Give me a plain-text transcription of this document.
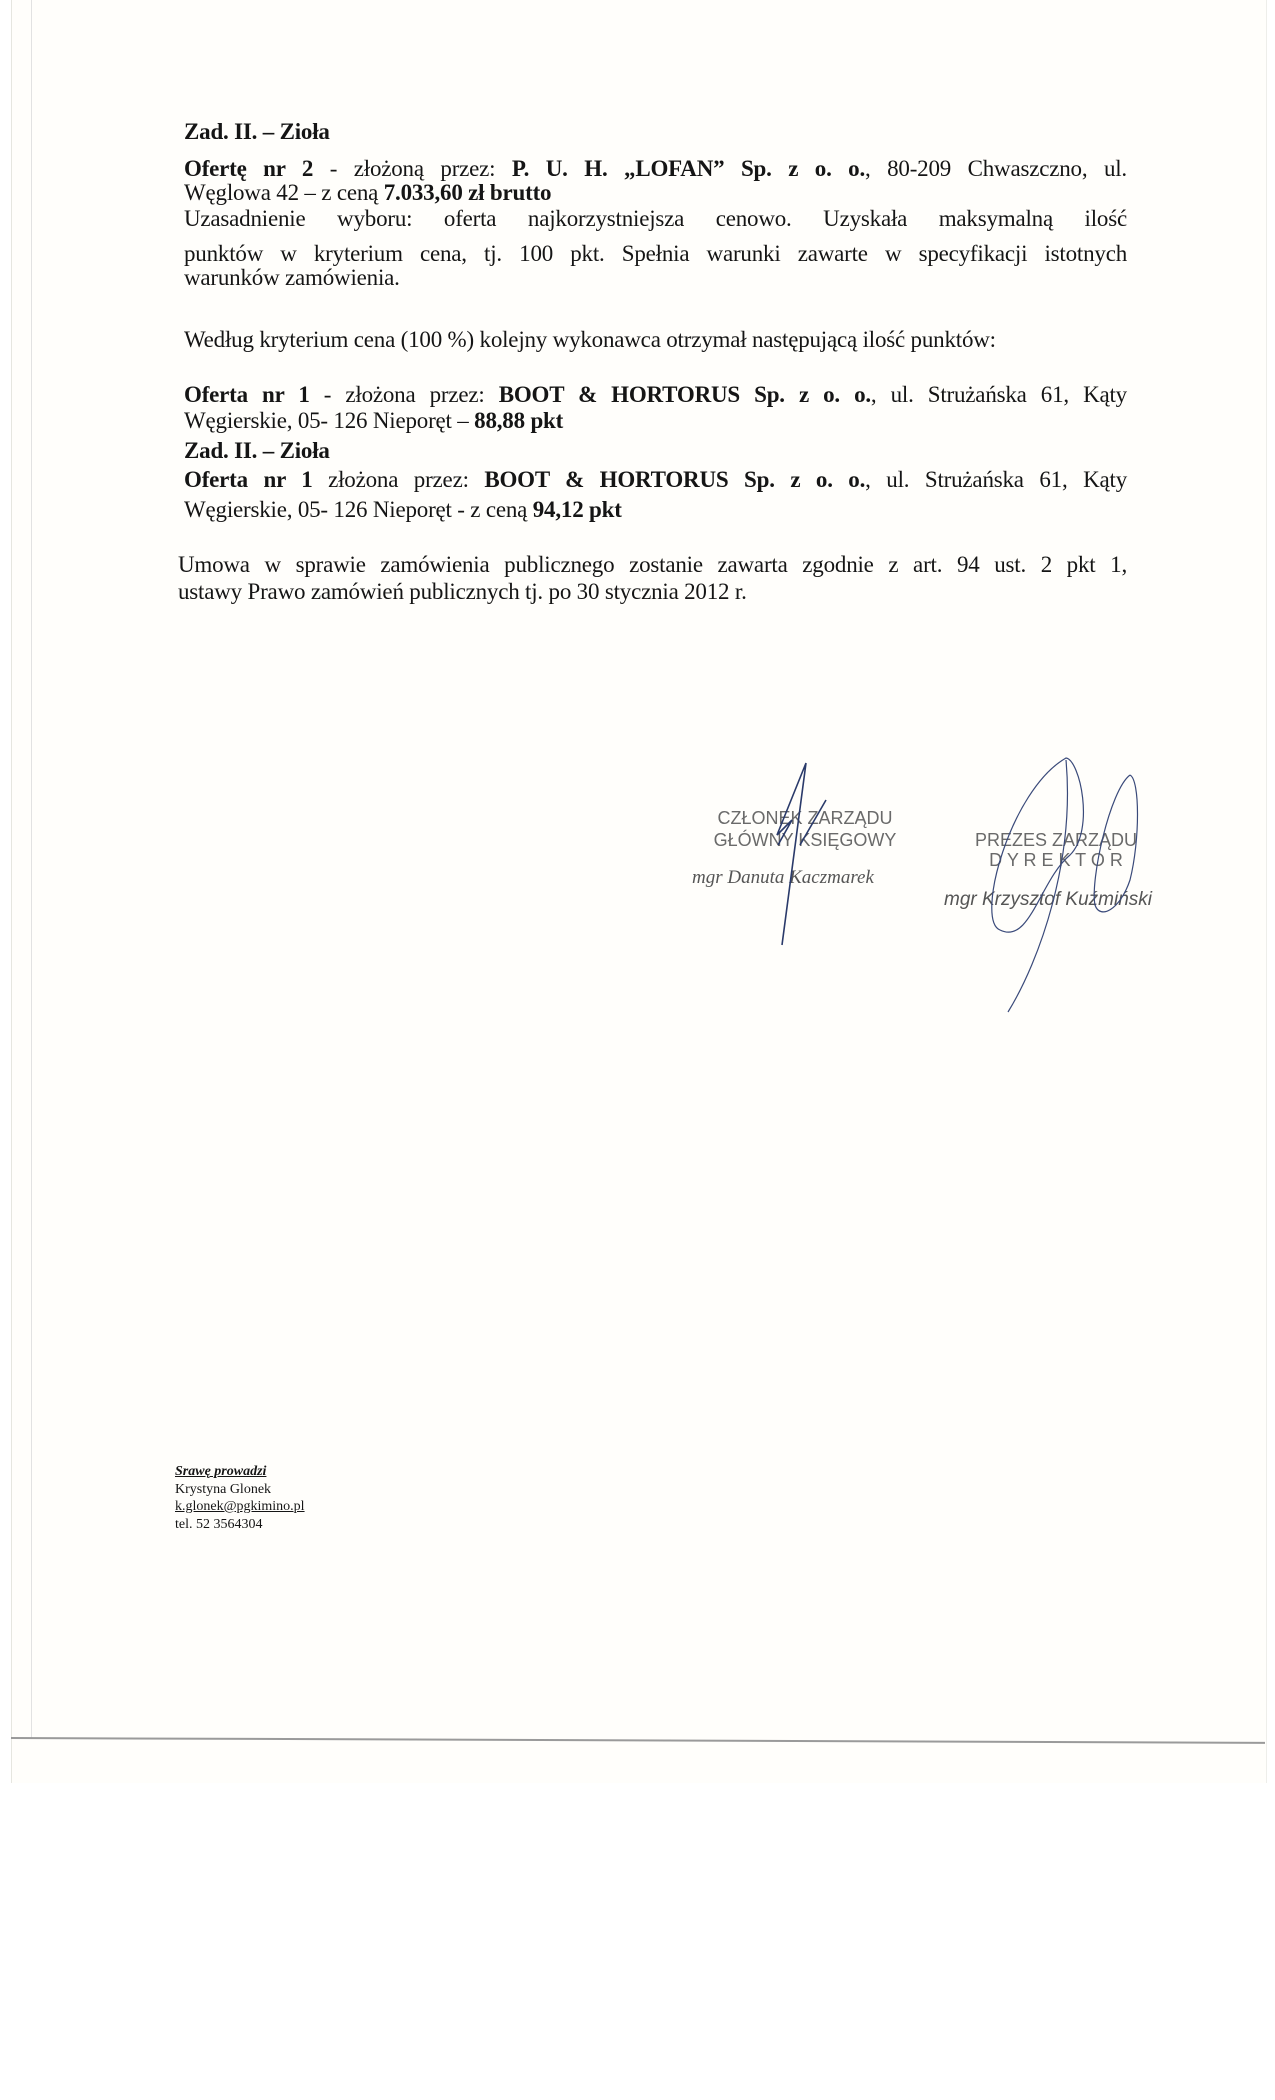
Zad. II. – Zioła
Ofertę nr 2 - złożoną przez: P. U. H. „LOFAN” Sp. z o. o., 80-209 Chwaszczno, ul.
Węglowa 42 – z ceną 7.033,60 zł brutto
Uzasadnienie wyboru: oferta najkorzystniejsza cenowo. Uzyskała maksymalną ilość
punktów w kryterium cena, tj. 100 pkt. Spełnia warunki zawarte w specyfikacji istotnych
warunków zamówienia.
Według kryterium cena (100 %) kolejny wykonawca otrzymał następującą ilość punktów:
Oferta nr 1 - złożona przez: BOOT & HORTORUS Sp. z o. o., ul. Strużańska 61, Kąty
Węgierskie, 05- 126 Nieporęt – 88,88 pkt
Zad. II. – Zioła
Oferta nr 1 złożona przez: BOOT & HORTORUS Sp. z o. o., ul. Strużańska 61, Kąty
Węgierskie, 05- 126 Nieporęt - z ceną 94,12 pkt
Umowa w sprawie zamówienia publicznego zostanie zawarta zgodnie z art. 94 ust. 2 pkt 1,
ustawy Prawo zamówień publicznych tj. po 30 stycznia 2012 r.
CZŁONEK ZARZĄDU
GŁÓWNY KSIĘGOWY
mgr Danuta Kaczmarek
PREZES ZARZĄDU
D Y R E K T O R
mgr Krzysztof Kuźmiński
Srawę prowadzi
Krystyna Glonek
k.glonek@pgkimino.pl
tel. 52 3564304
